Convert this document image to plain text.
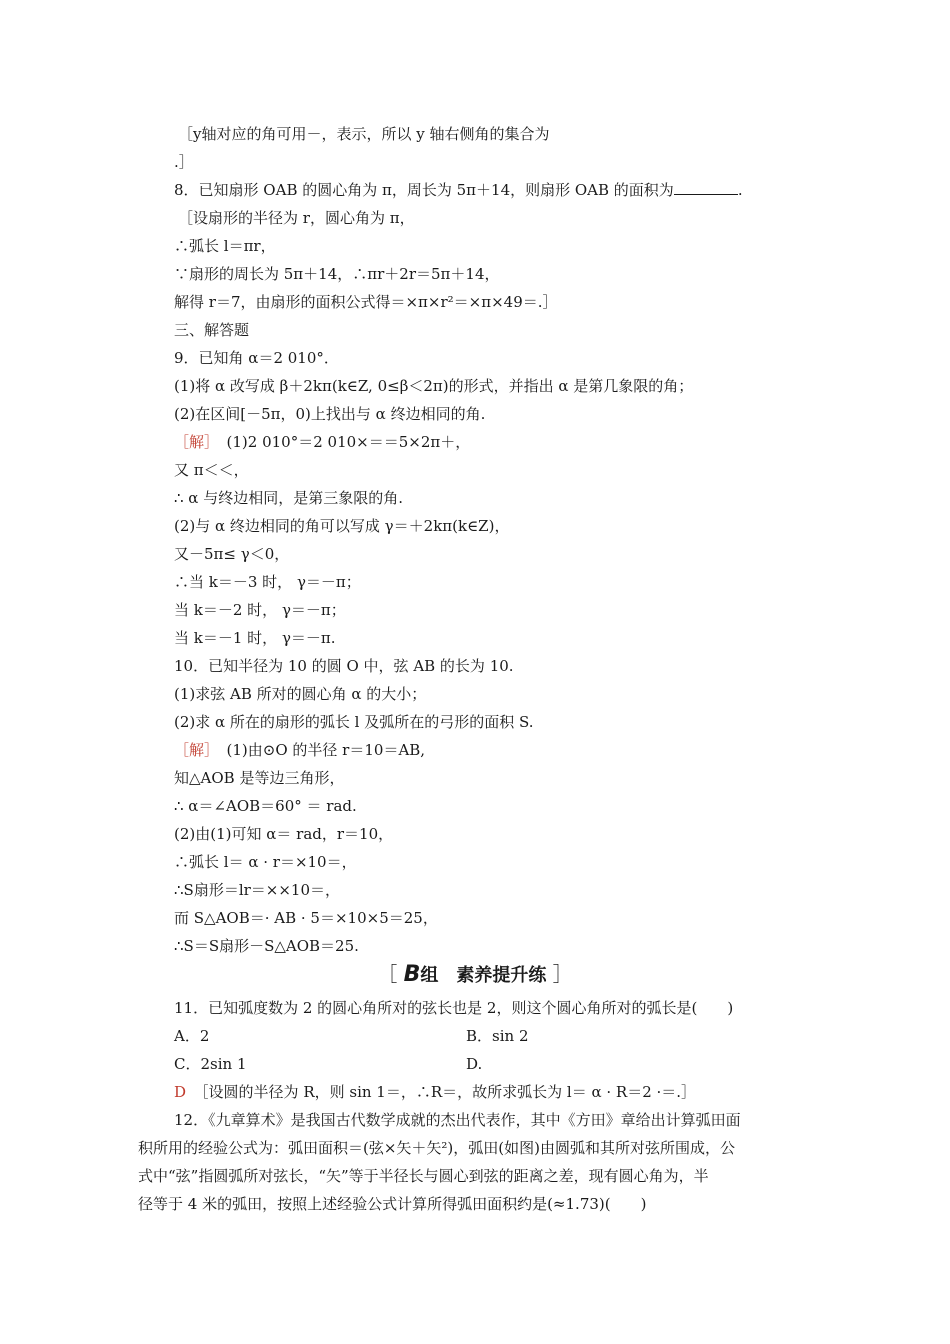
［y轴对应的角可用－，表示，所以 y 轴右侧角的集合为
.］
8．已知扇形 OAB 的圆心角为 π，周长为 5π＋14，则扇形 OAB 的面积为	.
［设扇形的半径为 r，圆心角为 π，
∴弧长 l＝πr，
∵扇形的周长为 5π＋14，∴πr＋2r＝5π＋14，
解得 r＝7，由扇形的面积公式得＝×π×r²＝×π×49＝.］
三、解答题
9．已知角 α＝2 010°．
(1)将 α 改写成 β＋2kπ(k∈Z, 0≤β＜2π)的形式，并指出 α 是第几象限的角；
(2)在区间[－5π，0)上找出与 α 终边相同的角.
［解］　 (1)2 010°＝2 010×＝＝5×2π＋，
又 π＜＜，
∴ α 与终边相同，是第三象限的角.
(2)与 α 终边相同的角可以写成 γ＝＋2kπ(k∈Z)，
又－5π≤ γ＜0，
∴当 k＝－3 时， γ＝－π；
当 k＝－2 时， γ＝－π；
当 k＝－1 时， γ＝－π.
10．已知半径为 10 的圆 O 中，弦 AB 的长为 10.
(1)求弦 AB 所对的圆心角 α 的大小；
(2)求 α 所在的扇形的弧长 l 及弧所在的弓形的面积 S.
［解］　 (1)由⊙O 的半径 r＝10＝AB,
知△AOB 是等边三角形，
∴ α＝∠AOB＝60° ＝ rad.
(2)由(1)可知 α＝ rad，r＝10，
∴弧长 l＝ α · r＝×10＝，
∴S扇形＝lr＝××10＝，
而 S△AOB＝· AB · 5＝×10×5＝25，
∴S＝S扇形－S△AOB＝25.
［ B组　素养提升练 ］
11．已知弧度数为 2 的圆心角所对的弦长也是 2，则这个圆心角所对的弧长是(　　)
A．2	B．sin 2
C．2sin 1	D.
D　 ［设圆的半径为 R，则 sin 1＝，∴R＝，故所求弧长为 l＝ α · R＝2 ·＝.］
12．《九章算术》是我国古代数学成就的杰出代表作，其中《方田》章给出计算弧田面
积所用的经验公式为：弧田面积＝(弦×矢＋矢²)，弧田(如图)由圆弧和其所对弦所围成，公
式中“弦”指圆弧所对弦长，“矢”等于半径长与圆心到弦的距离之差，现有圆心角为，半
径等于 4 米的弧田，按照上述经验公式计算所得弧田面积约是(≈1.73)(　　)
